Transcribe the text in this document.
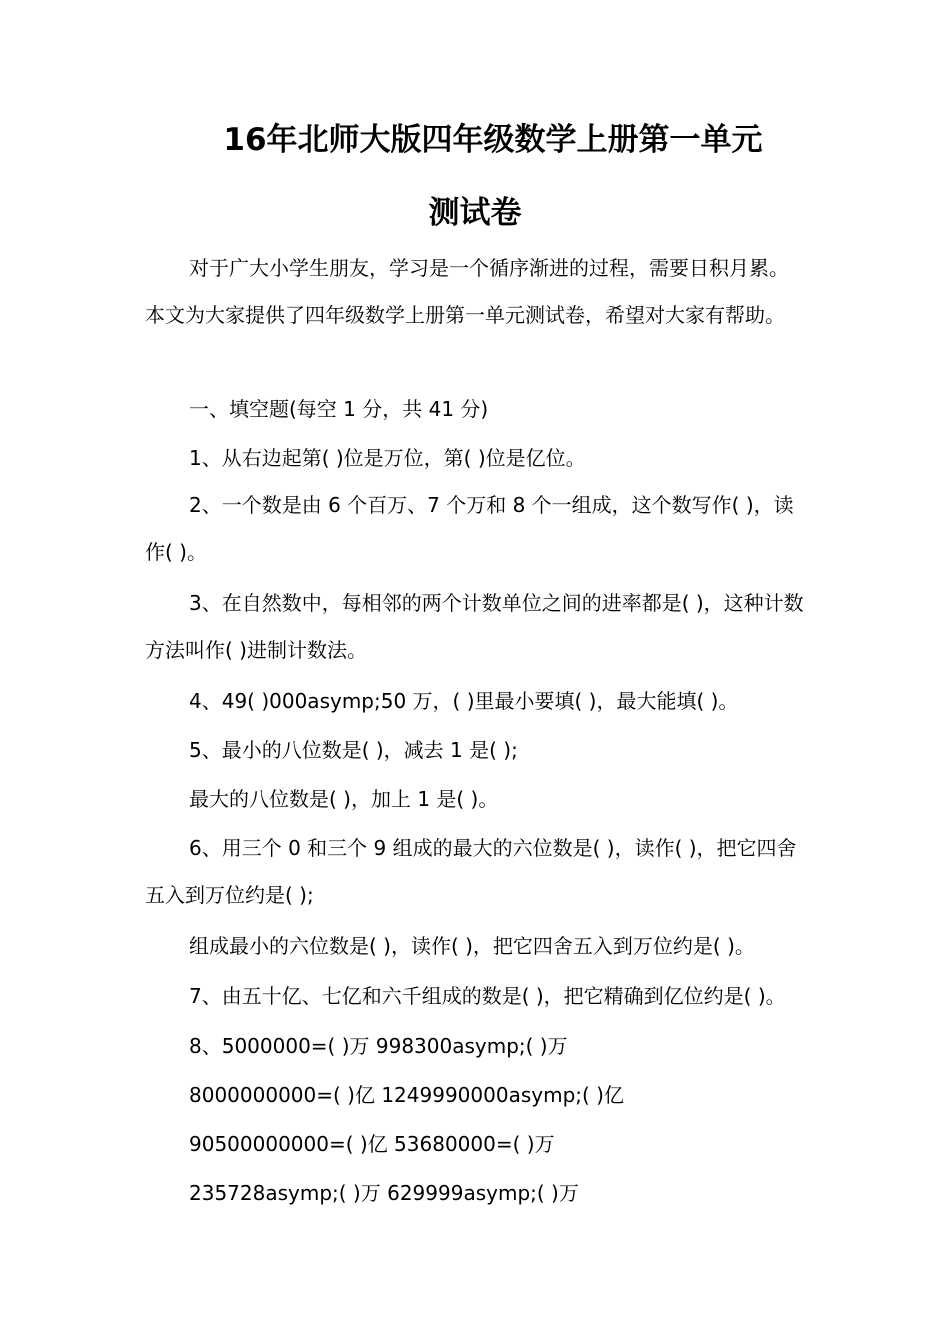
16年北师大版四年级数学上册第一单元
测试卷

对于广大小学生朋友，学习是一个循序渐进的过程，需要日积月累。本文为大家提供了四年级数学上册第一单元测试卷，希望对大家有帮助。

一、填空题(每空 1 分，共 41 分)
1、从右边起第( )位是万位，第( )位是亿位。

2、一个数是由 6 个百万、7 个万和 8 个一组成，这个数写作( )，读作( )。

3、在自然数中，每相邻的两个计数单位之间的进率都是( )，这种计数方法叫作( )进制计数法。

4、49( )000asymp;50 万，( )里最小要填( )，最大能填( )。
5、最小的八位数是( )，减去 1 是( );
最大的八位数是( )，加上 1 是( )。

6、用三个 0 和三个 9 组成的最大的六位数是( )，读作( )，把它四舍五入到万位约是( );

组成最小的六位数是( )，读作( )，把它四舍五入到万位约是( )。
7、由五十亿、七亿和六千组成的数是( )，把它精确到亿位约是( )。
8、5000000=( )万 998300asymp;( )万
8000000000=( )亿 1249990000asymp;( )亿
90500000000=( )亿 53680000=( )万
235728asymp;( )万 629999asymp;( )万
